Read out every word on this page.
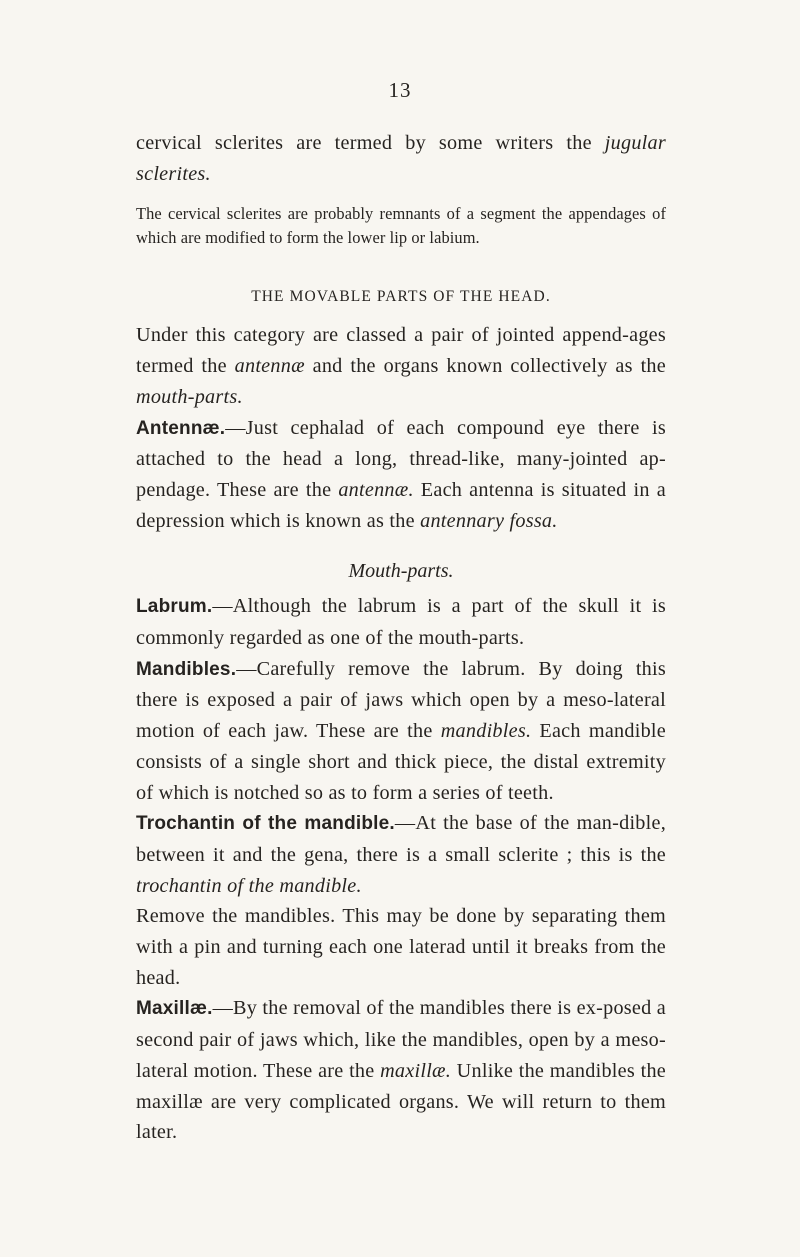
13

cervical sclerites are termed by some writers the jugular sclerites.

The cervical sclerites are probably remnants of a segment the appendages of which are modified to form the lower lip or labium.

THE MOVABLE PARTS OF THE HEAD.

Under this category are classed a pair of jointed append-ages termed the antennæ and the organs known collectively as the mouth-parts.

Antennæ.—Just cephalad of each compound eye there is attached to the head a long, thread-like, many-jointed ap-pendage. These are the antennæ. Each antenna is situated in a depression which is known as the antennary fossa.

Mouth-parts.

Labrum.—Although the labrum is a part of the skull it is commonly regarded as one of the mouth-parts.

Mandibles.—Carefully remove the labrum. By doing this there is exposed a pair of jaws which open by a meso-lateral motion of each jaw. These are the mandibles. Each mandible consists of a single short and thick piece, the distal extremity of which is notched so as to form a series of teeth.

Trochantin of the mandible.—At the base of the man-dible, between it and the gena, there is a small sclerite ; this is the trochantin of the mandible.

Remove the mandibles. This may be done by separating them with a pin and turning each one laterad until it breaks from the head.

Maxillæ.—By the removal of the mandibles there is ex-posed a second pair of jaws which, like the mandibles, open by a meso-lateral motion. These are the maxillæ. Unlike the mandibles the maxillæ are very complicated organs. We will return to them later.
